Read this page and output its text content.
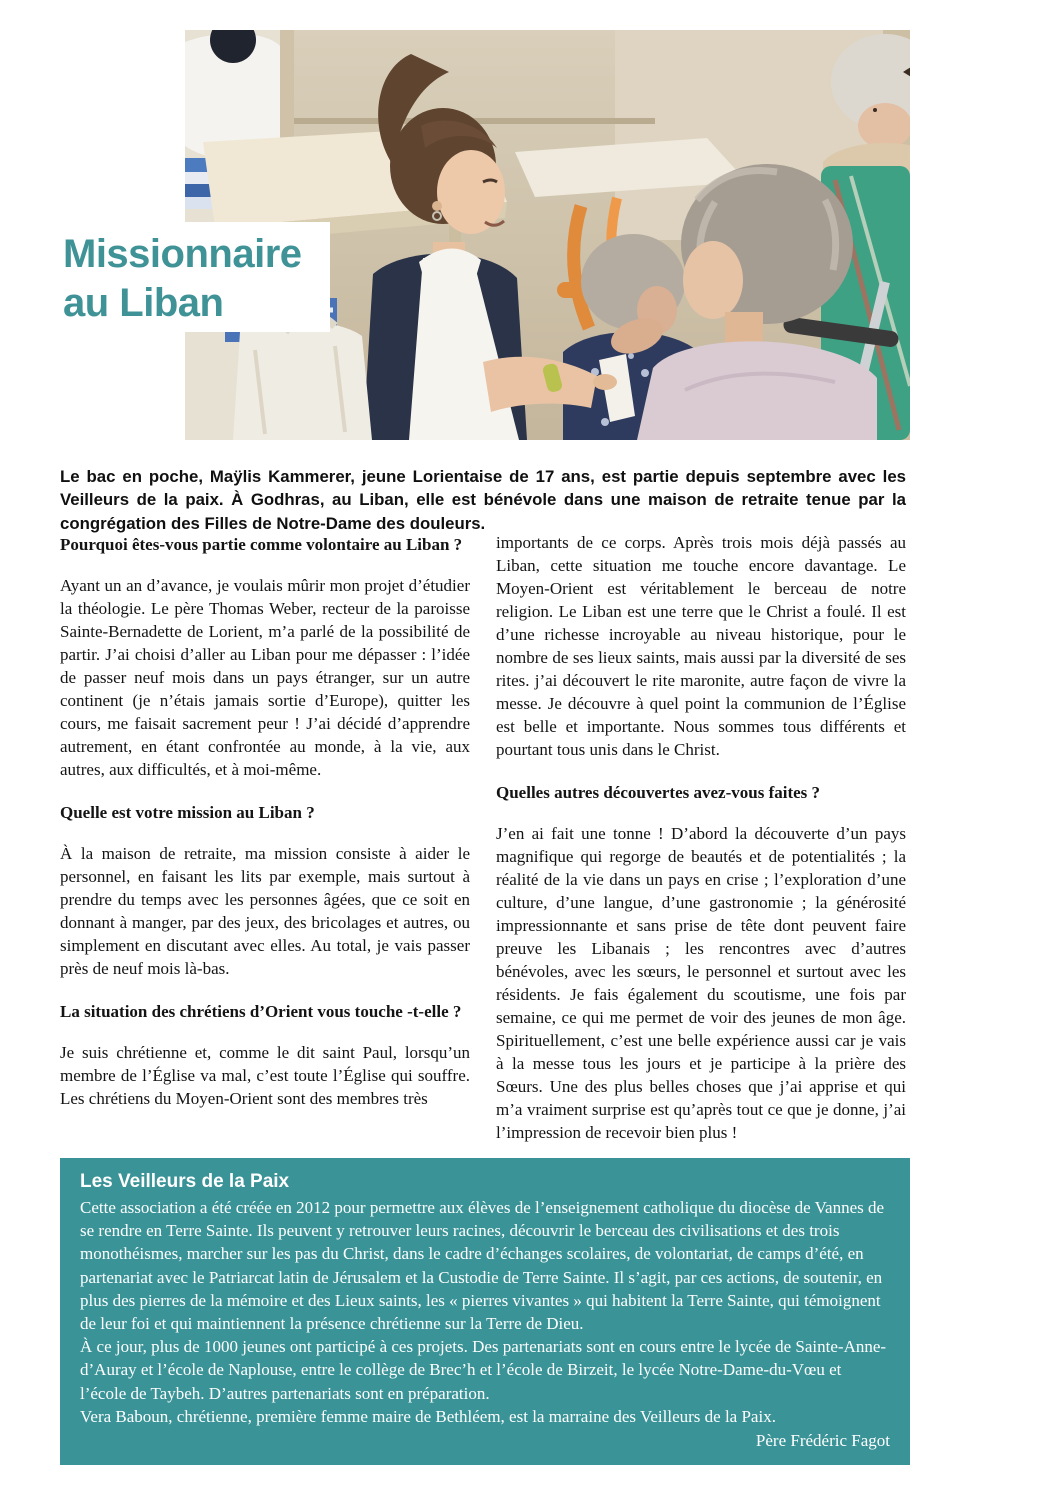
Missionnaire
au Liban

Le bac en poche, Maÿlis Kammerer, jeune Lorientaise de 17 ans, est partie depuis septembre avec les Veilleurs de la paix. À Godhras, au Liban, elle est bénévole dans une maison de retraite tenue par la congrégation des Filles de Notre-Dame des douleurs.

Pourquoi êtes-vous partie comme volontaire au Liban ?

Ayant un an d’avance, je voulais mûrir mon projet d’étudier la théologie. Le père Thomas Weber, recteur de la paroisse Sainte-Bernadette de Lorient, m’a parlé de la possibilité de partir. J’ai choisi d’aller au Liban pour me dépasser : l’idée de passer neuf mois dans un pays étranger, sur un autre continent (je n’étais jamais sortie d’Europe), quitter les cours, me faisait sacrement peur ! J’ai décidé d’apprendre autrement, en étant confrontée au monde, à la vie, aux autres, aux difficultés, et à moi-même.

Quelle est votre mission au Liban ?

À la maison de retraite, ma mission consiste à aider le personnel, en faisant les lits par exemple, mais surtout à prendre du temps avec les personnes âgées, que ce soit en donnant à manger, par des jeux, des bricolages et autres, ou simplement en discutant avec elles. Au total, je vais passer près de neuf mois là-bas.

La situation des chrétiens d’Orient vous touche -t-elle ?

Je suis chrétienne et, comme le dit saint Paul, lorsqu’un membre de l’Église va mal, c’est toute l’Église qui souffre. Les chrétiens du Moyen-Orient sont des membres très

importants de ce corps. Après trois mois déjà passés au Liban, cette situation me touche encore davantage. Le Moyen-Orient est véritablement le berceau de notre religion. Le Liban est une terre que le Christ a foulé. Il est d’une richesse incroyable au niveau historique, pour le nombre de ses lieux saints, mais aussi par la diversité de ses rites. j’ai découvert le rite maronite, autre façon de vivre la messe. Je découvre à quel point la communion de l’Église est belle et importante. Nous sommes tous différents et pourtant tous unis dans le Christ.

Quelles autres découvertes avez-vous faites ?

J’en ai fait une tonne ! D’abord la découverte d’un pays magnifique qui regorge de beautés et de potentialités ; la réalité de la vie dans un pays en crise ; l’exploration d’une culture, d’une langue, d’une gastronomie ; la générosité impressionnante et sans prise de tête dont peuvent faire preuve les Libanais ; les rencontres avec d’autres bénévoles, avec les sœurs, le personnel et surtout avec les résidents. Je fais également du scoutisme, une fois par semaine, ce qui me permet de voir des jeunes de mon âge. Spirituellement, c’est une belle expérience aussi car je vais à la messe tous les jours et je participe à la prière des Sœurs. Une des plus belles choses que j’ai apprise et qui m’a vraiment surprise est qu’après tout ce que je donne, j’ai l’impression de recevoir bien plus !

Les Veilleurs de la Paix

Cette association a été créée en 2012 pour permettre aux élèves de l’enseignement catholique du diocèse de Vannes de se rendre en Terre Sainte. Ils peuvent y retrouver leurs racines, découvrir le berceau des civilisations et des trois monothéismes, marcher sur les pas du Christ, dans le cadre d’échanges scolaires, de volontariat, de camps d’été, en partenariat avec le Patriarcat latin de Jérusalem et la Custodie de Terre Sainte. Il s’agit, par ces actions, de soutenir, en plus des pierres de la mémoire et des Lieux saints, les « pierres vivantes » qui habitent la Terre Sainte, qui témoignent de leur foi et qui maintiennent la présence chrétienne sur la Terre de Dieu.

À ce jour, plus de 1000 jeunes ont participé à ces projets. Des partenariats sont en cours entre le lycée de Sainte-Anne-d’Auray et l’école de Naplouse, entre le collège de Brec’h et l’école de Birzeit, le lycée Notre-Dame-du-Vœu et l’école de Taybeh. D’autres partenariats sont en préparation.

Vera Baboun, chrétienne, première femme maire de Bethléem, est la marraine des Veilleurs de la Paix.

Père Frédéric Fagot
